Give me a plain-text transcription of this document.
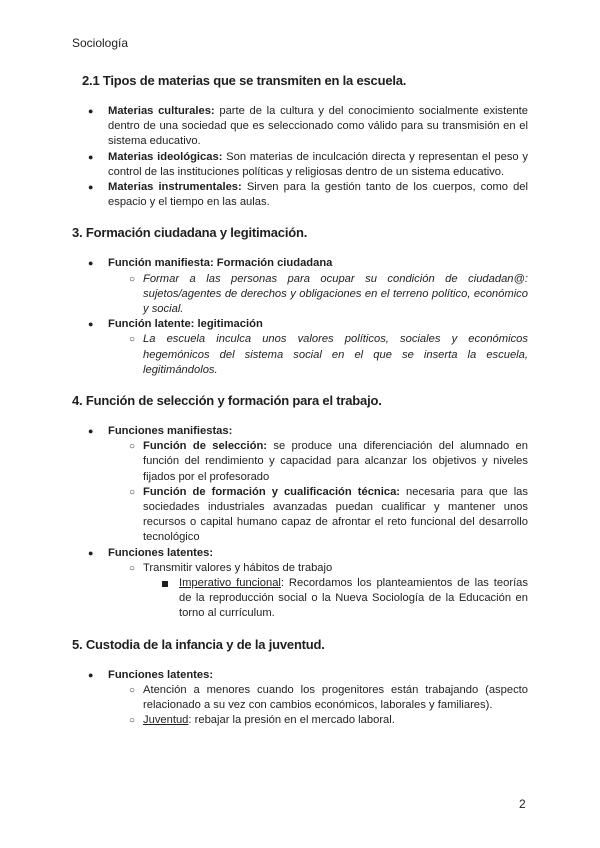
Sociología
2.1 Tipos de materias que se transmiten en la escuela.
● Materias culturales: parte de la cultura y del conocimiento socialmente existente dentro de una sociedad que es seleccionado como válido para su transmisión en el sistema educativo.
● Materias ideológicas: Son materias de inculcación directa y representan el peso y control de las instituciones políticas y religiosas dentro de un sistema educativo.
● Materias instrumentales: Sirven para la gestión tanto de los cuerpos, como del espacio y el tiempo en las aulas.
3. Formación ciudadana y legitimación.
● Función manifiesta: Formación ciudadana
○ Formar a las personas para ocupar su condición de ciudadan@: sujetos/agentes de derechos y obligaciones en el terreno político, económico y social.
● Función latente: legitimación
○ La escuela inculca unos valores políticos, sociales y económicos hegemónicos del sistema social en el que se inserta la escuela, legitimándolos.
4. Función de selección y formación para el trabajo.
● Funciones manifiestas:
○ Función de selección: se produce una diferenciación del alumnado en función del rendimiento y capacidad para alcanzar los objetivos y niveles fijados por el profesorado
○ Función de formación y cualificación técnica: necesaria para que las sociedades industriales avanzadas puedan cualificar y mantener unos recursos o capital humano capaz de afrontar el reto funcional del desarrollo tecnológico
● Funciones latentes:
○ Transmitir valores y hábitos de trabajo
Imperativo funcional: Recordamos los planteamientos de las teorías de la reproducción social o la Nueva Sociología de la Educación en torno al currículum.
5. Custodia de la infancia y de la juventud.
● Funciones latentes:
○ Atención a menores cuando los progenitores están trabajando (aspecto relacionado a su vez con cambios económicos, laborales y familiares).
○ Juventud: rebajar la presión en el mercado laboral.
2
